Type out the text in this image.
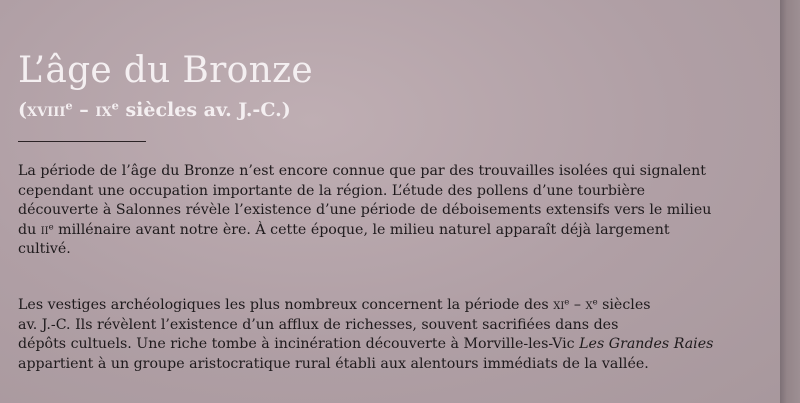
L’âge du Bronze
(xviii$^e$ – $ix^e$ siècles av. J.-C.)

La période de l’âge du Bronze n’est encore connue que par des trouvailles isolées qui signalent
cependant une occupation importante de la région. L’étude des pollens d’une tourbière
découverte à Salonnes révèle l’existence d’une période de déboisements extensifs vers le milieu
du $ii^e$ millénaire avant notre ère. À cette époque, le milieu naturel apparaît déjà largement
cultivé.

Les vestiges archéologiques les plus nombreux concernent la période des $xi^e - x^e$ siècles
av. J.-C. Ils révèlent l’existence d’un afflux de richesses, souvent sacrifiées dans des
dépôts cultuels. Une riche tombe à incinération découverte à Morville-les-Vic Les Grandes Raies
appartient à un groupe aristocratique rural établi aux alentours immédiats de la vallée.
